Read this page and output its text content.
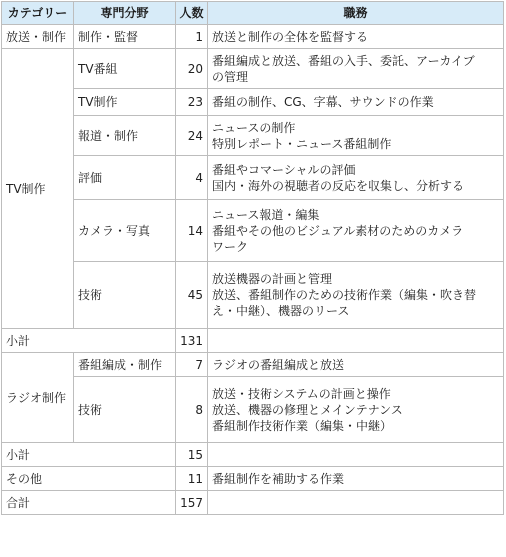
カテゴリー	専門分野	人数	職務
放送・制作	制作・監督	1	放送と制作の全体を監督する
TV制作	TV番組	20	番組編成と放送、番組の入手、委託、アーカイブ
の管理
	TV制作	23	番組の制作、CG、字幕、サウンドの作業
	報道・制作	24	ニュースの制作
特別レポート・ニュース番組制作
	評価	4	番組やコマーシャルの評価
国内・海外の視聴者の反応を収集し、分析する
	カメラ・写真	14	ニュース報道・編集
番組やその他のビジュアル素材のためのカメラ
ワーク
	技術	45	放送機器の計画と管理
放送、番組制作のための技術作業（編集・吹き替
え・中継）、機器のリース
小計		131	
ラジオ制作	番組編成・制作	7	ラジオの番組編成と放送
	技術	8	放送・技術システムの計画と操作
放送、機器の修理とメインテナンス
番組制作技術作業（編集・中継）
小計		15	
その他		11	番組制作を補助する作業
合計		157	
